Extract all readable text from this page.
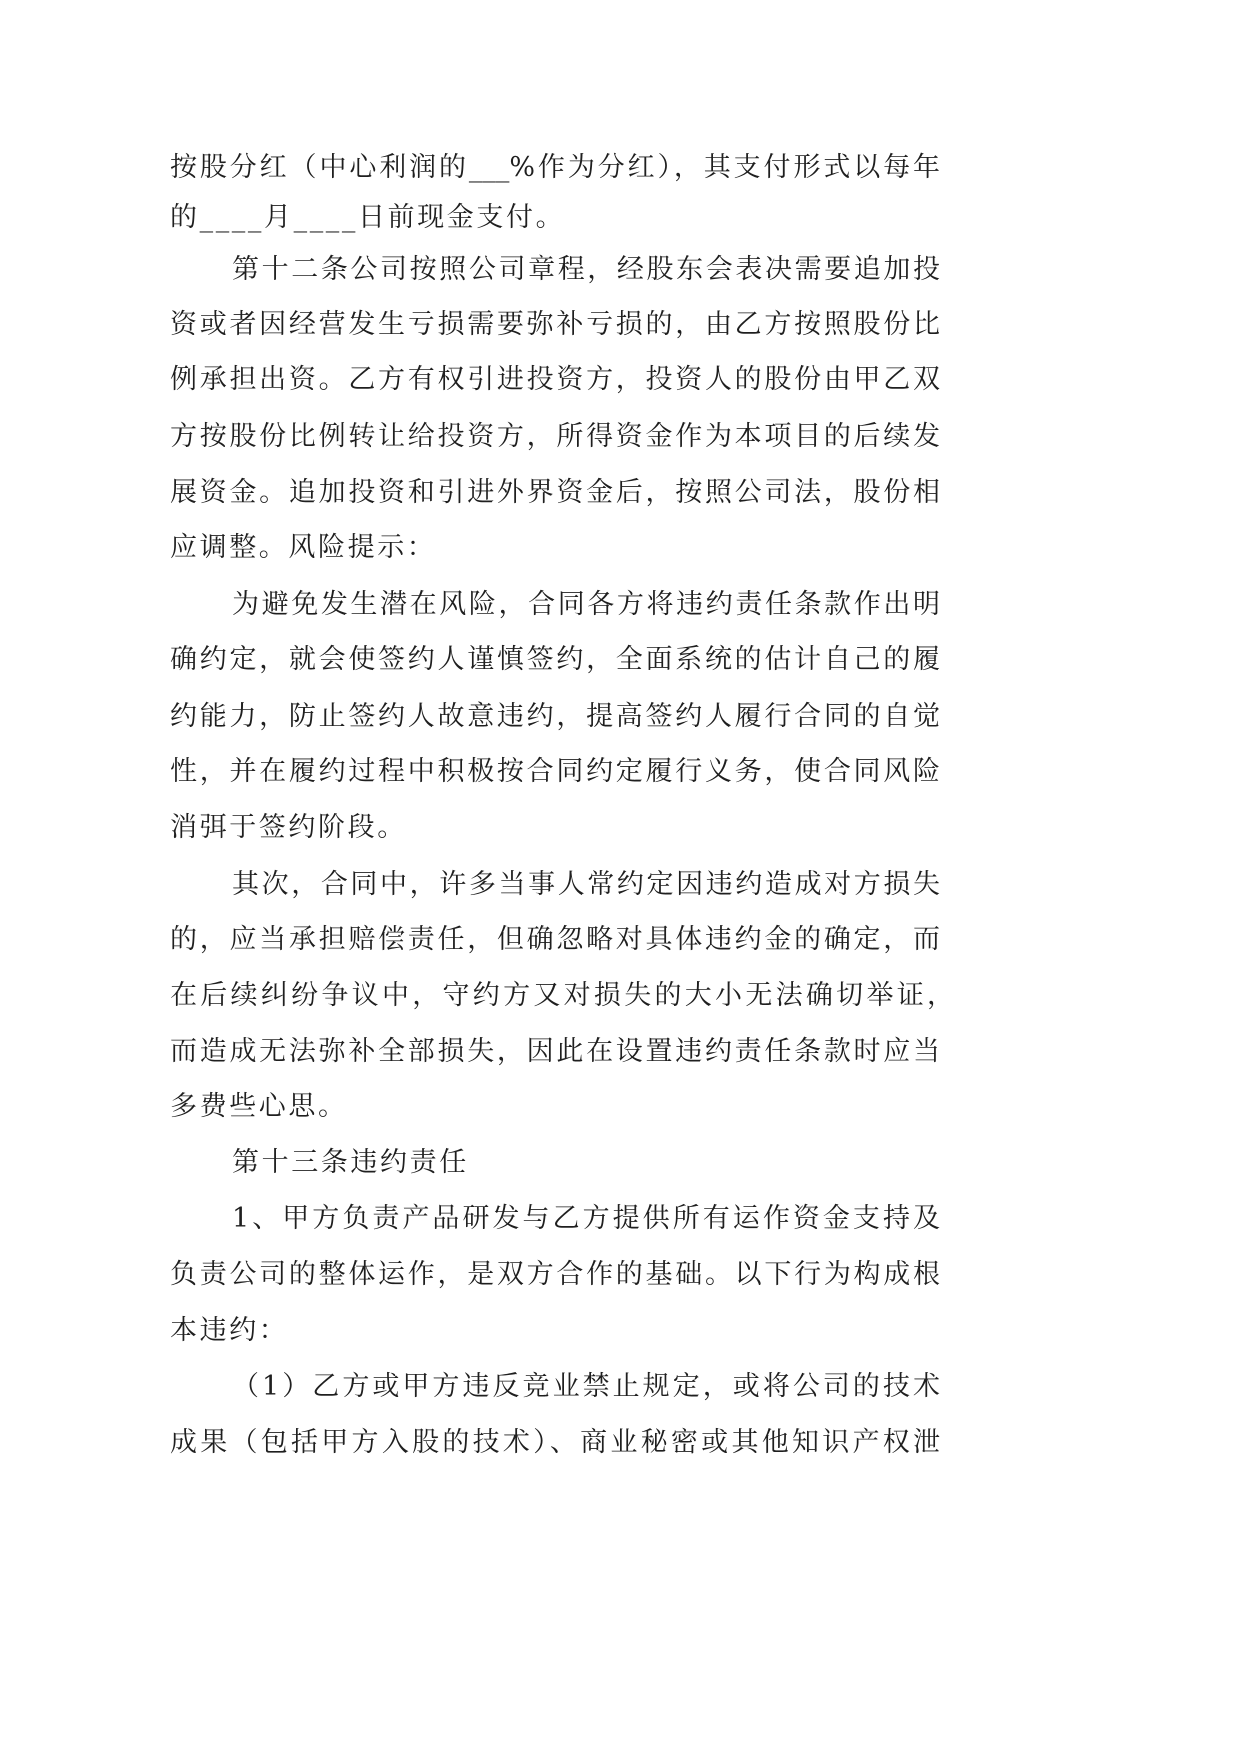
按股分红（中心利润的___%作为分红），其支付形式以每年
的____月____日前现金支付。
第十二条公司按照公司章程，经股东会表决需要追加投
资或者因经营发生亏损需要弥补亏损的，由乙方按照股份比
例承担出资。乙方有权引进投资方，投资人的股份由甲乙双
方按股份比例转让给投资方，所得资金作为本项目的后续发
展资金。追加投资和引进外界资金后，按照公司法，股份相
应调整。风险提示：
为避免发生潜在风险，合同各方将违约责任条款作出明
确约定，就会使签约人谨慎签约，全面系统的估计自己的履
约能力，防止签约人故意违约，提高签约人履行合同的自觉
性，并在履约过程中积极按合同约定履行义务，使合同风险
消弭于签约阶段。
其次，合同中，许多当事人常约定因违约造成对方损失
的，应当承担赔偿责任，但确忽略对具体违约金的确定，而
在后续纠纷争议中，守约方又对损失的大小无法确切举证，
而造成无法弥补全部损失，因此在设置违约责任条款时应当
多费些心思。
第十三条违约责任
1、甲方负责产品研发与乙方提供所有运作资金支持及
负责公司的整体运作，是双方合作的基础。以下行为构成根
本违约：
（1）乙方或甲方违反竞业禁止规定，或将公司的技术
成果（包括甲方入股的技术）、商业秘密或其他知识产权泄
